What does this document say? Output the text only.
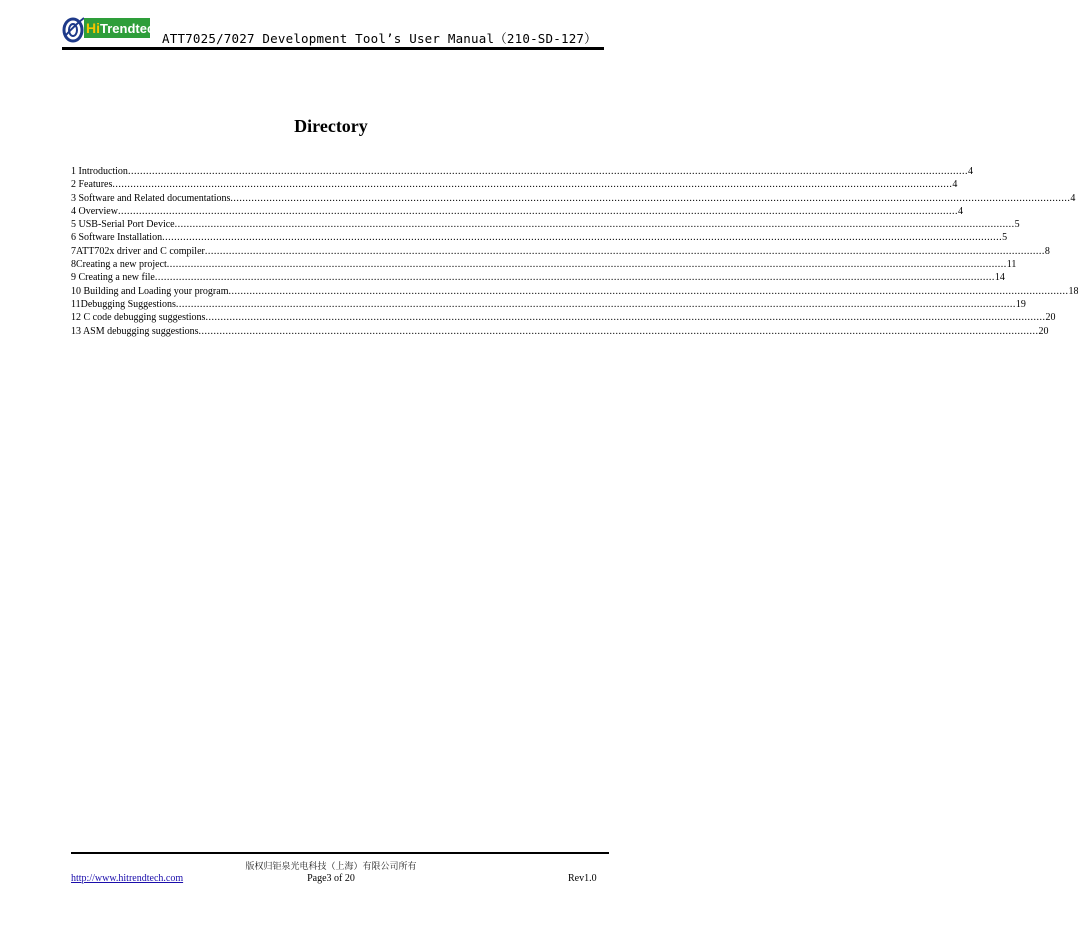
Hi Trendtech
ATT7025/7027 Development Tool’s User Manual（210-SD-127）
Directory
1 Introduction .....	4
2 Features .....	4
3 Software and Related documentations .....	4
4 Overview .....	4
5 USB-Serial Port Device .....	5
6 Software Installation .....	5
7ATT702x driver and C compiler .....	8
8Creating a new project .....	11
9 Creating a new file .....	14
10 Building and Loading your program .....	18
11Debugging Suggestions .....	19
12 C code debugging suggestions .....	20
13 ASM debugging suggestions .....	20
版权归钜泉光电科技（上海）有限公司所有
http://www.hitrendtech.com	Page3 of 20	Rev1.0
